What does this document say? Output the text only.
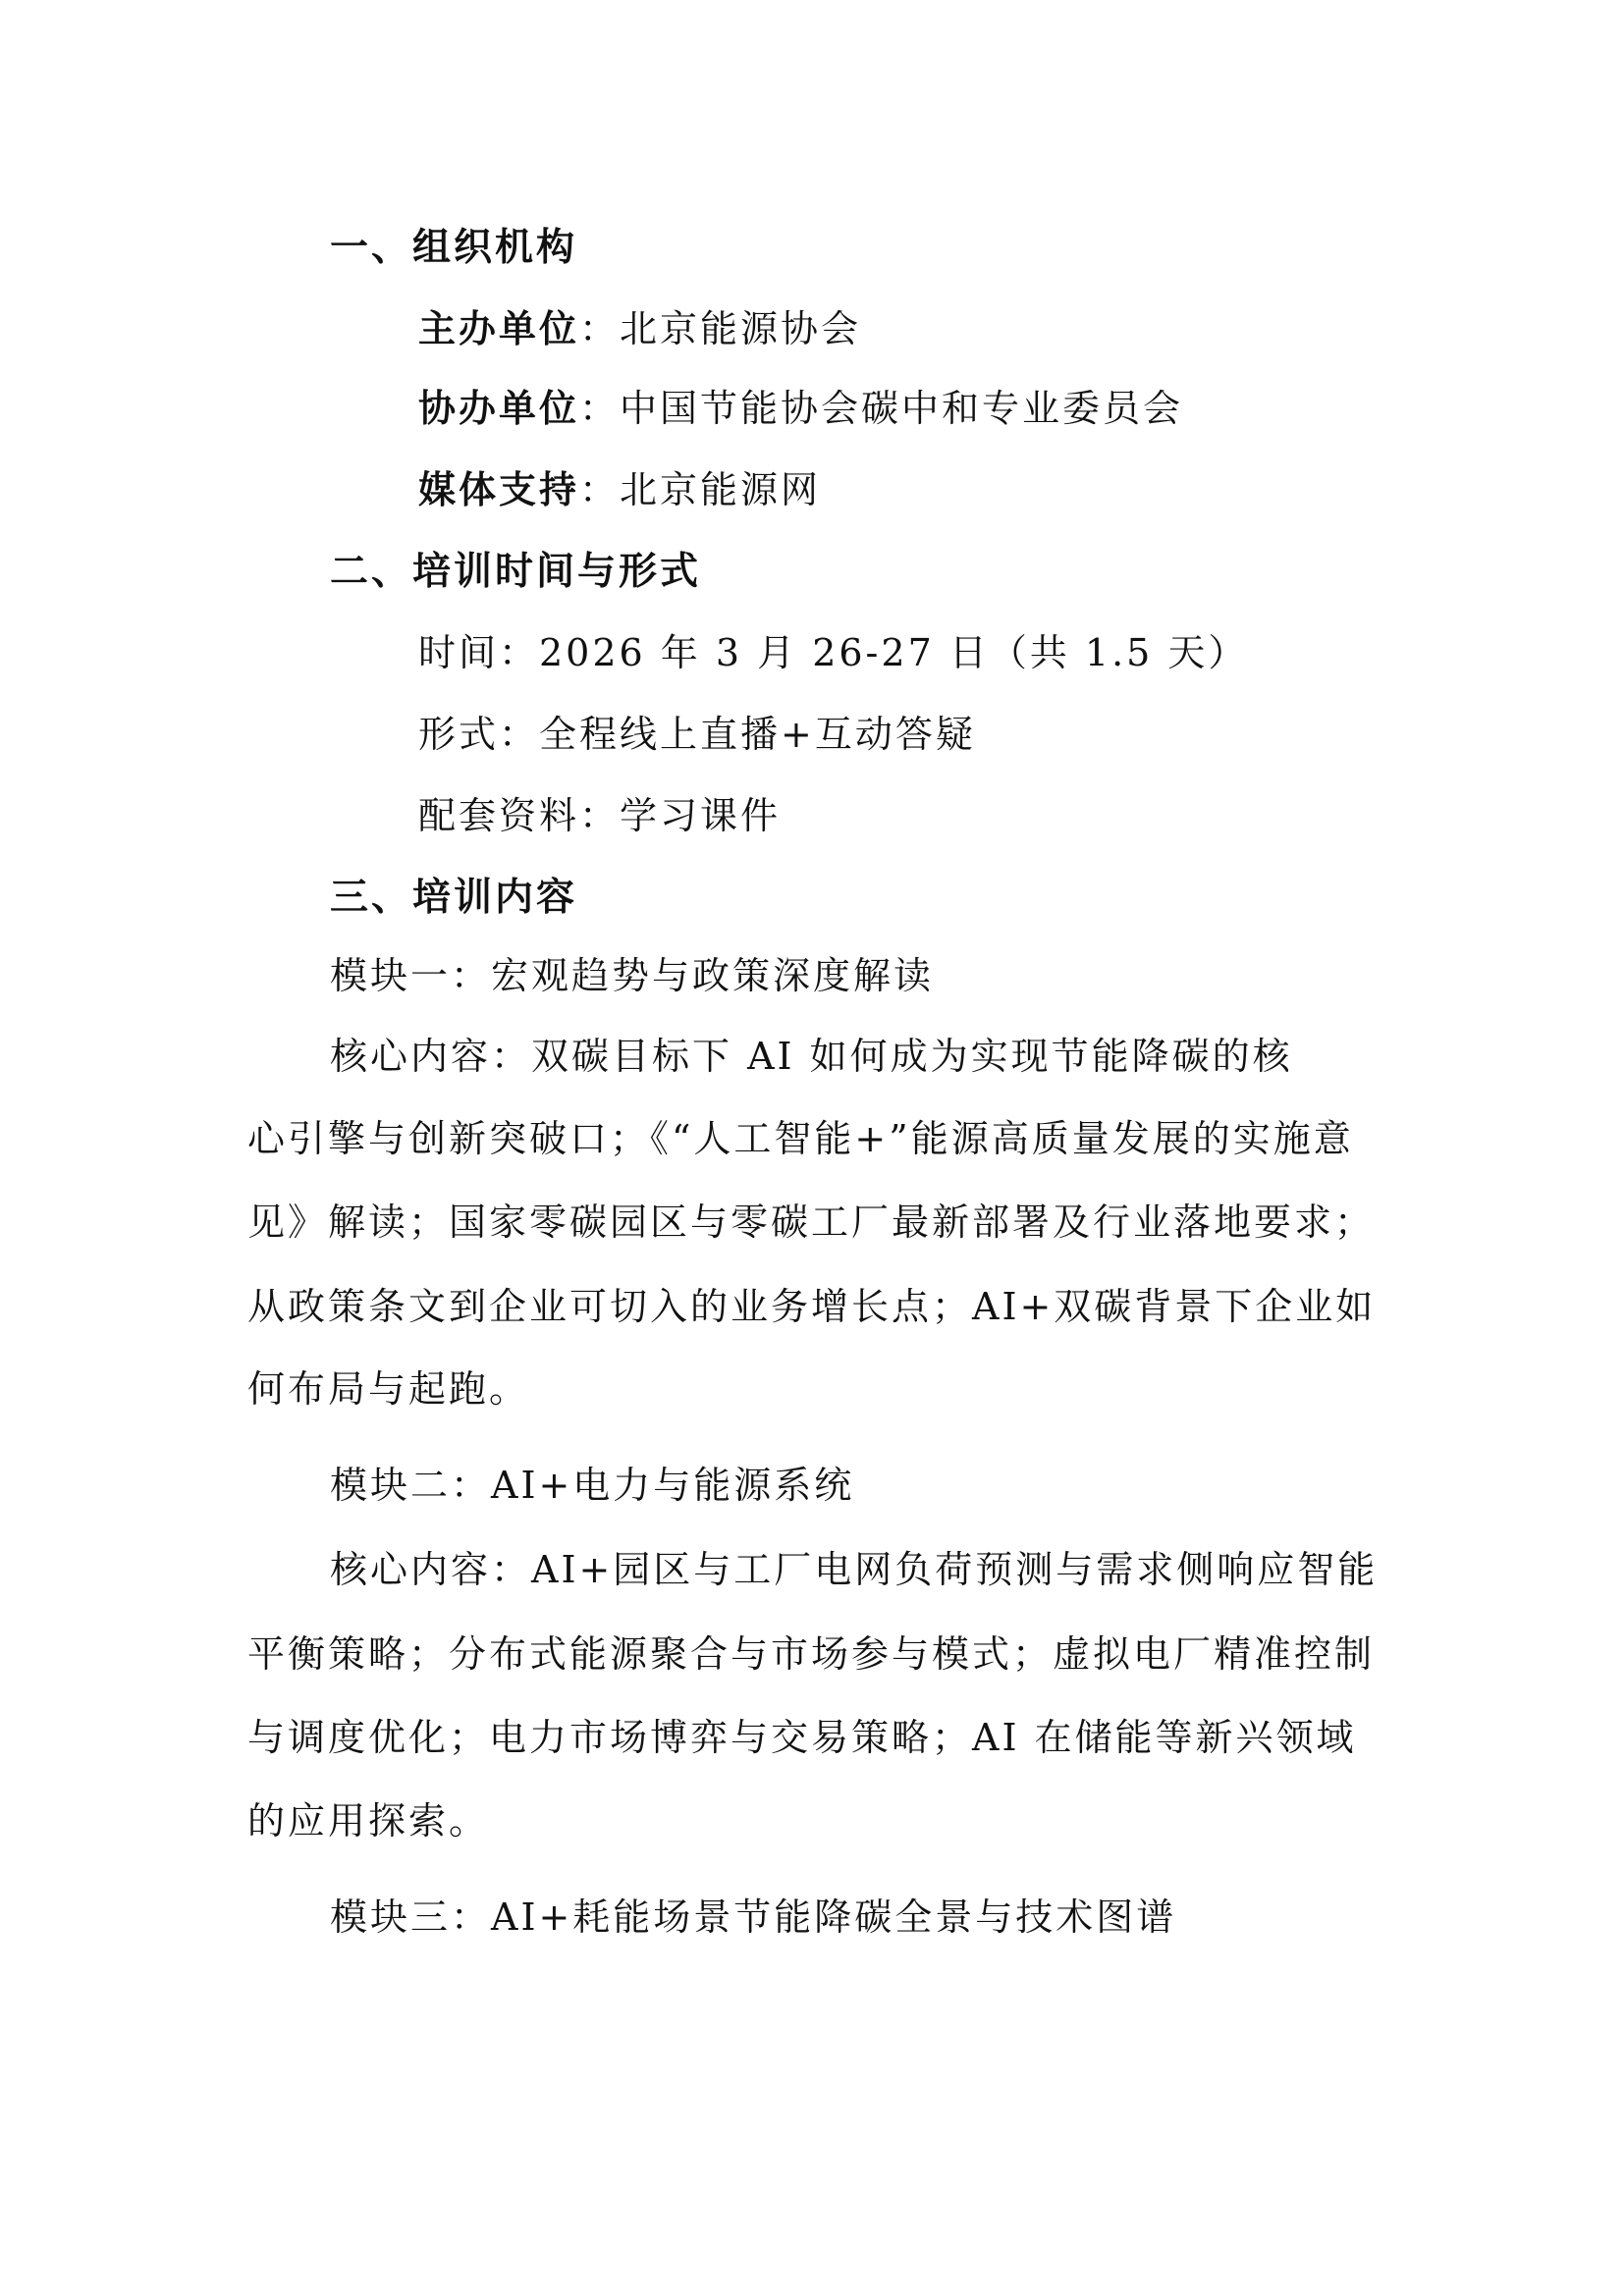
一、组织机构
主办单位：北京能源协会
协办单位：中国节能协会碳中和专业委员会
媒体支持：北京能源网
二、培训时间与形式
时间：2026 年 3 月 26-27 日（共 1.5 天）
形式：全程线上直播+互动答疑
配套资料：学习课件
三、培训内容
模块一：宏观趋势与政策深度解读
核心内容：双碳目标下 AI 如何成为实现节能降碳的核
心引擎与创新突破口；《“人工智能+”能源高质量发展的实施意
见》解读；国家零碳园区与零碳工厂最新部署及行业落地要求；
从政策条文到企业可切入的业务增长点；AI+双碳背景下企业如
何布局与起跑。
模块二：AI+电力与能源系统
核心内容：AI+园区与工厂电网负荷预测与需求侧响应智能
平衡策略；分布式能源聚合与市场参与模式；虚拟电厂精准控制
与调度优化；电力市场博弈与交易策略；AI 在储能等新兴领域
的应用探索。
模块三：AI+耗能场景节能降碳全景与技术图谱
